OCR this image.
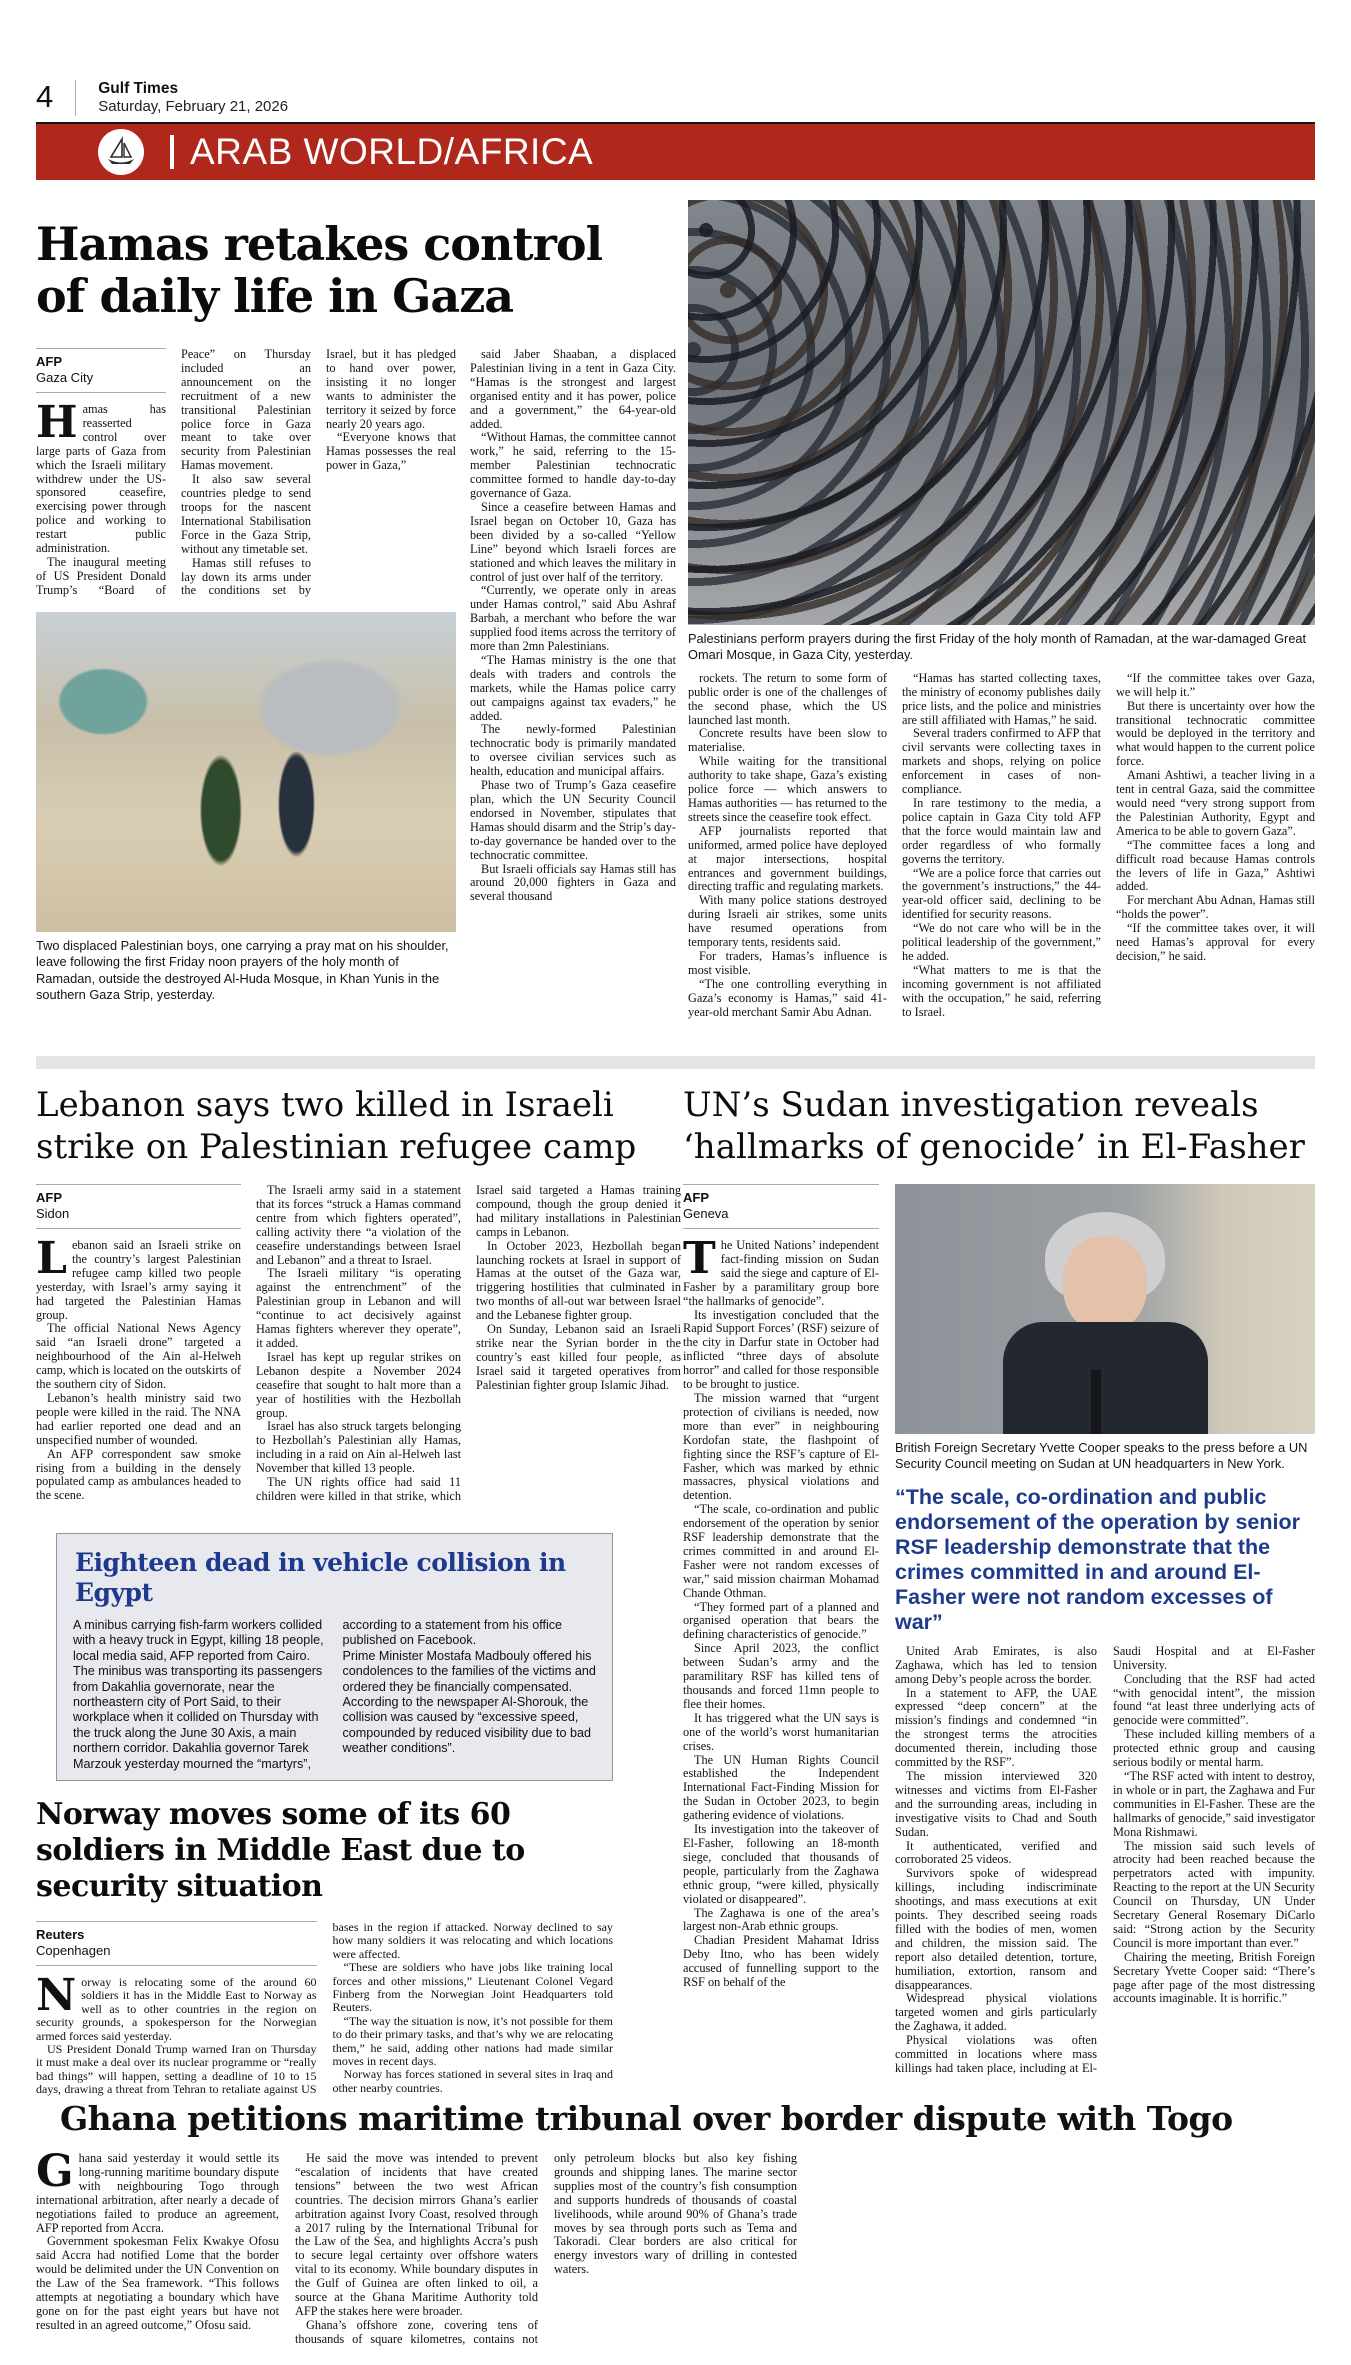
4	Gulf Times
Saturday, February 21, 2026
ARAB WORLD/AFRICA
Hamas retakes control of daily life in Gaza
AFP
Gaza City

Hamas has reasserted control over large parts of Gaza from which the Israeli military withdrew under the US-sponsored ceasefire, exercising power through police and working to restart public administration.

The inaugural meeting of US President Donald Trump’s “Board of Peace” on Thursday included an announcement on the recruitment of a new transitional Palestinian police force in Gaza meant to take over security from Palestinian Hamas movement.

It also saw several countries pledge to send troops for the nascent International Stabilisation Force in the Gaza Strip, without any timetable set.

Hamas still refuses to lay down its arms under the conditions set by Israel, but it has pledged to hand over power, insisting it no longer wants to administer the territory it seized by force nearly 20 years ago.

“Everyone knows that Hamas possesses the real power in Gaza,”

Two displaced Palestinian boys, one carrying a pray mat on his shoulder, leave following the first Friday noon prayers of the holy month of Ramadan, outside the destroyed Al-Huda Mosque, in Khan Yunis in the southern Gaza Strip, yesterday.

said Jaber Shaaban, a displaced Palestinian living in a tent in Gaza City. “Hamas is the strongest and largest organised entity and it has power, police and a government,” the 64-year-old added.

“Without Hamas, the committee cannot work,” he said, referring to the 15-member Palestinian technocratic committee formed to handle day-to-day governance of Gaza.

Since a ceasefire between Hamas and Israel began on October 10, Gaza has been divided by a so-called “Yellow Line” beyond which Israeli forces are stationed and which leaves the military in control of just over half of the territory.

“Currently, we operate only in areas under Hamas control,” said Abu Ashraf Barbah, a merchant who before the war supplied food items across the territory of more than 2mn Palestinians.

“The Hamas ministry is the one that deals with traders and controls the markets, while the Hamas police carry out campaigns against tax evaders,” he added.

The newly-formed Palestinian technocratic body is primarily mandated to oversee civilian services such as health, education and municipal affairs.

Phase two of Trump’s Gaza ceasefire plan, which the UN Security Council endorsed in November, stipulates that Hamas should disarm and the Strip’s day-to-day governance be handed over to the technocratic committee.

But Israeli officials say Hamas still has around 20,000 fighters in Gaza and several thousand

Palestinians perform prayers during the first Friday of the holy month of Ramadan, at the war-damaged Great Omari Mosque, in Gaza City, yesterday.

rockets. The return to some form of public order is one of the challenges of the second phase, which the US launched last month.

Concrete results have been slow to materialise.

While waiting for the transitional authority to take shape, Gaza’s existing police force — which answers to Hamas authorities — has returned to the streets since the ceasefire took effect.

AFP journalists reported that uniformed, armed police have deployed at major intersections, hospital entrances and government buildings, directing traffic and regulating markets.

With many police stations destroyed during Israeli air strikes, some units have resumed operations from temporary tents, residents said.

For traders, Hamas’s influence is most visible.

“The one controlling everything in Gaza’s economy is Hamas,” said 41-year-old merchant Samir Abu Adnan.

“Hamas has started collecting taxes, the ministry of economy publishes daily price lists, and the police and ministries are still affiliated with Hamas,” he said.

Several traders confirmed to AFP that civil servants were collecting taxes in markets and shops, relying on police enforcement in cases of non-compliance.

In rare testimony to the media, a police captain in Gaza City told AFP that the force would maintain law and order regardless of who formally governs the territory.

“We are a police force that carries out the government’s instructions,” the 44-year-old officer said, declining to be identified for security reasons.

“We do not care who will be in the political leadership of the government,” he added.

“What matters to me is that the incoming government is not affiliated with the occupation,” he said, referring to Israel.

“If the committee takes over Gaza, we will help it.”

But there is uncertainty over how the transitional technocratic committee would be deployed in the territory and what would happen to the current police force.

Amani Ashtiwi, a teacher living in a tent in central Gaza, said the committee would need “very strong support from the Palestinian Authority, Egypt and America to be able to govern Gaza”.

“The committee faces a long and difficult road because Hamas controls the levers of life in Gaza,” Ashtiwi added.

For merchant Abu Adnan, Hamas still “holds the power”.

“If the committee takes over, it will need Hamas’s approval for every decision,” he said.

Lebanon says two killed in Israeli strike on Palestinian refugee camp
AFP
Sidon

Lebanon said an Israeli strike on the country’s largest Palestinian refugee camp killed two people yesterday, with Israel’s army saying it had targeted the Palestinian Hamas group.

The official National News Agency said “an Israeli drone” targeted a neighbourhood of the Ain al-Helweh camp, which is located on the outskirts of the southern city of Sidon.

Lebanon’s health ministry said two people were killed in the raid. The NNA had earlier reported one dead and an unspecified number of wounded.

An AFP correspondent saw smoke rising from a building in the densely populated camp as ambulances headed to the scene.

The Israeli army said in a statement that its forces “struck a Hamas command centre from which fighters operated”, calling activity there “a violation of the ceasefire understandings between Israel and Lebanon” and a threat to Israel.

The Israeli military “is operating against the entrenchment” of the Palestinian group in Lebanon and will “continue to act decisively against Hamas fighters wherever they operate”, it added.

Israel has kept up regular strikes on Lebanon despite a November 2024 ceasefire that sought to halt more than a year of hostilities with the Hezbollah group.

Israel has also struck targets belonging to Hezbollah’s Palestinian ally Hamas, including in a raid on Ain al-Helweh last November that killed 13 people.

The UN rights office had said 11 children were killed in that strike, which Israel said targeted a Hamas training compound, though the group denied it had military installations in Palestinian camps in Lebanon.

In October 2023, Hezbollah began launching rockets at Israel in support of Hamas at the outset of the Gaza war, triggering hostilities that culminated in two months of all-out war between Israel and the Lebanese fighter group.

On Sunday, Lebanon said an Israeli strike near the Syrian border in the country’s east killed four people, as Israel said it targeted operatives from Palestinian fighter group Islamic Jihad.

Eighteen dead in vehicle collision in Egypt

A minibus carrying fish-farm workers collided with a heavy truck in Egypt, killing 18 people, local media said, AFP reported from Cairo.

The minibus was transporting its passengers from Dakahlia governorate, near the northeastern city of Port Said, to their workplace when it collided on Thursday with the truck along the June 30 Axis, a main northern corridor. Dakahlia governor Tarek Marzouk yesterday mourned the “martyrs”, according to a statement from his office published on Facebook.

Prime Minister Mostafa Madbouly offered his condolences to the families of the victims and ordered they be financially compensated. According to the newspaper Al-Shorouk, the collision was caused by “excessive speed, compounded by reduced visibility due to bad weather conditions”.

Norway moves some of its 60 soldiers in Middle East due to security situation
Reuters
Copenhagen

Norway is relocating some of the around 60 soldiers it has in the Middle East to Norway as well as to other countries in the region on security grounds, a spokesperson for the Norwegian armed forces said yesterday.

US President Donald Trump warned Iran on Thursday it must make a deal over its nuclear programme or “really bad things” will happen, setting a deadline of 10 to 15 days, drawing a threat from Tehran to retaliate against US bases in the region if attacked. Norway declined to say how many soldiers it was relocating and which locations were affected.

“These are soldiers who have jobs like training local forces and other missions,” Lieutenant Colonel Vegard Finberg from the Norwegian Joint Headquarters told Reuters.

“The way the situation is now, it’s not possible for them to do their primary tasks, and that’s why we are relocating them,” he said, adding other nations had made similar moves in recent days.

Norway has forces stationed in several sites in Iraq and other nearby countries.

UN’s Sudan investigation reveals ‘hallmarks of genocide’ in El-Fasher
AFP
Geneva

The United Nations’ independent fact-finding mission on Sudan said the siege and capture of El-Fasher by a paramilitary group bore “the hallmarks of genocide”.

Its investigation concluded that the Rapid Support Forces’ (RSF) seizure of the city in Darfur state in October had inflicted “three days of absolute horror” and called for those responsible to be brought to justice.

The mission warned that “urgent protection of civilians is needed, now more than ever” in neighbouring Kordofan state, the flashpoint of fighting since the RSF’s capture of El-Fasher, which was marked by ethnic massacres, physical violations and detention.

“The scale, co-ordination and public endorsement of the operation by senior RSF leadership demonstrate that the crimes committed in and around El-Fasher were not random excesses of war,” said mission chairman Mohamad Chande Othman.

“They formed part of a planned and organised operation that bears the defining characteristics of genocide.”

Since April 2023, the conflict between Sudan’s army and the paramilitary RSF has killed tens of thousands and forced 11mn people to flee their homes.

It has triggered what the UN says is one of the world’s worst humanitarian crises.

The UN Human Rights Council established the Independent International Fact-Finding Mission for the Sudan in October 2023, to begin gathering evidence of violations.

Its investigation into the takeover of El-Fasher, following an 18-month siege, concluded that thousands of people, particularly from the Zaghawa ethnic group, “were killed, physically violated or disappeared”.

The Zaghawa is one of the area’s largest non-Arab ethnic groups.

Chadian President Mahamat Idriss Deby Itno, who has been widely accused of funnelling support to the RSF on behalf of the

British Foreign Secretary Yvette Cooper speaks to the press before a UN Security Council meeting on Sudan at UN headquarters in New York.
“The scale, co-ordination and public endorsement of the operation by senior RSF leadership demonstrate that the crimes committed in and around El-Fasher were not random excesses of war”

United Arab Emirates, is also Zaghawa, which has led to tension among Deby’s people across the border.

In a statement to AFP, the UAE expressed “deep concern” at the mission’s findings and condemned “in the strongest terms the atrocities documented therein, including those committed by the RSF”.

The mission interviewed 320 witnesses and victims from El-Fasher and the surrounding areas, including in investigative visits to Chad and South Sudan.

It authenticated, verified and corroborated 25 videos.

Survivors spoke of widespread killings, including indiscriminate shootings, and mass executions at exit points. They described seeing roads filled with the bodies of men, women and children, the mission said. The report also detailed detention, torture, humiliation, extortion, ransom and disappearances.

Widespread physical violations targeted women and girls particularly the Zaghawa, it added.

Physical violations was often committed in locations where mass killings had taken place, including at El-Saudi Hospital and at El-Fasher University.

Concluding that the RSF had acted “with genocidal intent”, the mission found “at least three underlying acts of genocide were committed”.

These included killing members of a protected ethnic group and causing serious bodily or mental harm.

“The RSF acted with intent to destroy, in whole or in part, the Zaghawa and Fur communities in El-Fasher. These are the hallmarks of genocide,” said investigator Mona Rishmawi.

The mission said such levels of atrocity had been reached because the perpetrators acted with impunity. Reacting to the report at the UN Security Council on Thursday, UN Under Secretary General Rosemary DiCarlo said: “Strong action by the Security Council is more important than ever.”

Chairing the meeting, British Foreign Secretary Yvette Cooper said: “There’s page after page of the most distressing accounts imaginable. It is horrific.”

Ghana petitions maritime tribunal over border dispute with Togo

Ghana said yesterday it would settle its long-running maritime boundary dispute with neighbouring Togo through international arbitration, after nearly a decade of negotiations failed to produce an agreement, AFP reported from Accra.

Government spokesman Felix Kwakye Ofosu said Accra had notified Lome that the border would be delimited under the UN Convention on the Law of the Sea framework. “This follows attempts at negotiating a boundary which have gone on for the past eight years but have not resulted in an agreed outcome,” Ofosu said.

He said the move was intended to prevent “escalation of incidents that have created tensions” between the two west African countries. The decision mirrors Ghana’s earlier arbitration against Ivory Coast, resolved through a 2017 ruling by the International Tribunal for the Law of the Sea, and highlights Accra’s push to secure legal certainty over offshore waters vital to its economy. While boundary disputes in the Gulf of Guinea are often linked to oil, a source at the Ghana Maritime Authority told AFP the stakes here were broader.

Ghana’s offshore zone, covering tens of thousands of square kilometres, contains not only petroleum blocks but also key fishing grounds and shipping lanes. The marine sector supplies most of the country’s fish consumption and supports hundreds of thousands of coastal livelihoods, while around 90% of Ghana’s trade moves by sea through ports such as Tema and Takoradi. Clear borders are also critical for energy investors wary of drilling in contested waters.
